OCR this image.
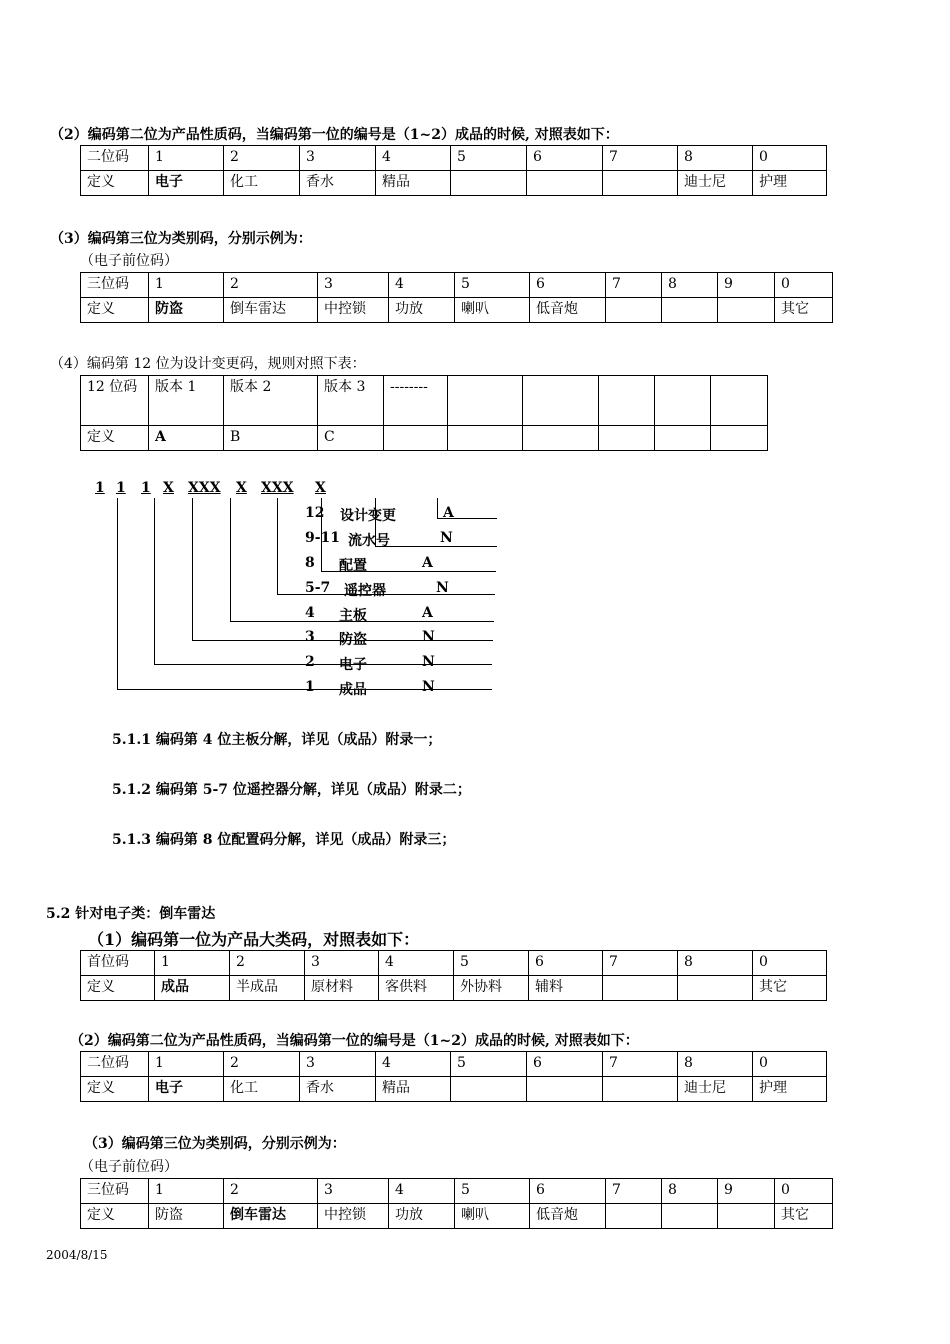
（2）编码第二位为产品性质码，当编码第一位的编号是（1~2）成品的时候, 对照表如下：
二位码	1	2	3	4	5	6	7	8	0
定义	电子	化工	香水	精品				迪士尼	护理
（3）编码第三位为类别码，分别示例为：
（电子前位码）
三位码	1	2	3	4	5	6	7	8	9	0
定义	防盗	倒车雷达	中控锁	功放	喇叭	低音炮				其它
（4）编码第 12 位为设计变更码，规则对照下表：
12 位码	版本 1	版本 2	版本 3	--------					
定义	A	B	C						
1 1 1 X XXX X XXX X
12 设计变更	A
9-11 流水号	N
8 配置	A
5-7 遥控器	N
4 主板	A
3 防盗	N
2 电子	N
1 成品	N
5.1.1 编码第 4 位主板分解，详见（成品）附录一；
5.1.2 编码第 5-7 位遥控器分解，详见（成品）附录二；
5.1.3 编码第 8 位配置码分解，详见（成品）附录三；
5.2 针对电子类：倒车雷达
（1）编码第一位为产品大类码，对照表如下：
首位码	1	2	3	4	5	6	7	8	0
定义	成品	半成品	原材料	客供料	外协料	辅料			其它
（2）编码第二位为产品性质码，当编码第一位的编号是（1~2）成品的时候, 对照表如下：
二位码	1	2	3	4	5	6	7	8	0
定义	电子	化工	香水	精品				迪士尼	护理
（3）编码第三位为类别码，分别示例为：
（电子前位码）
三位码	1	2	3	4	5	6	7	8	9	0
定义	防盗	倒车雷达	中控锁	功放	喇叭	低音炮				其它
2004/8/15
